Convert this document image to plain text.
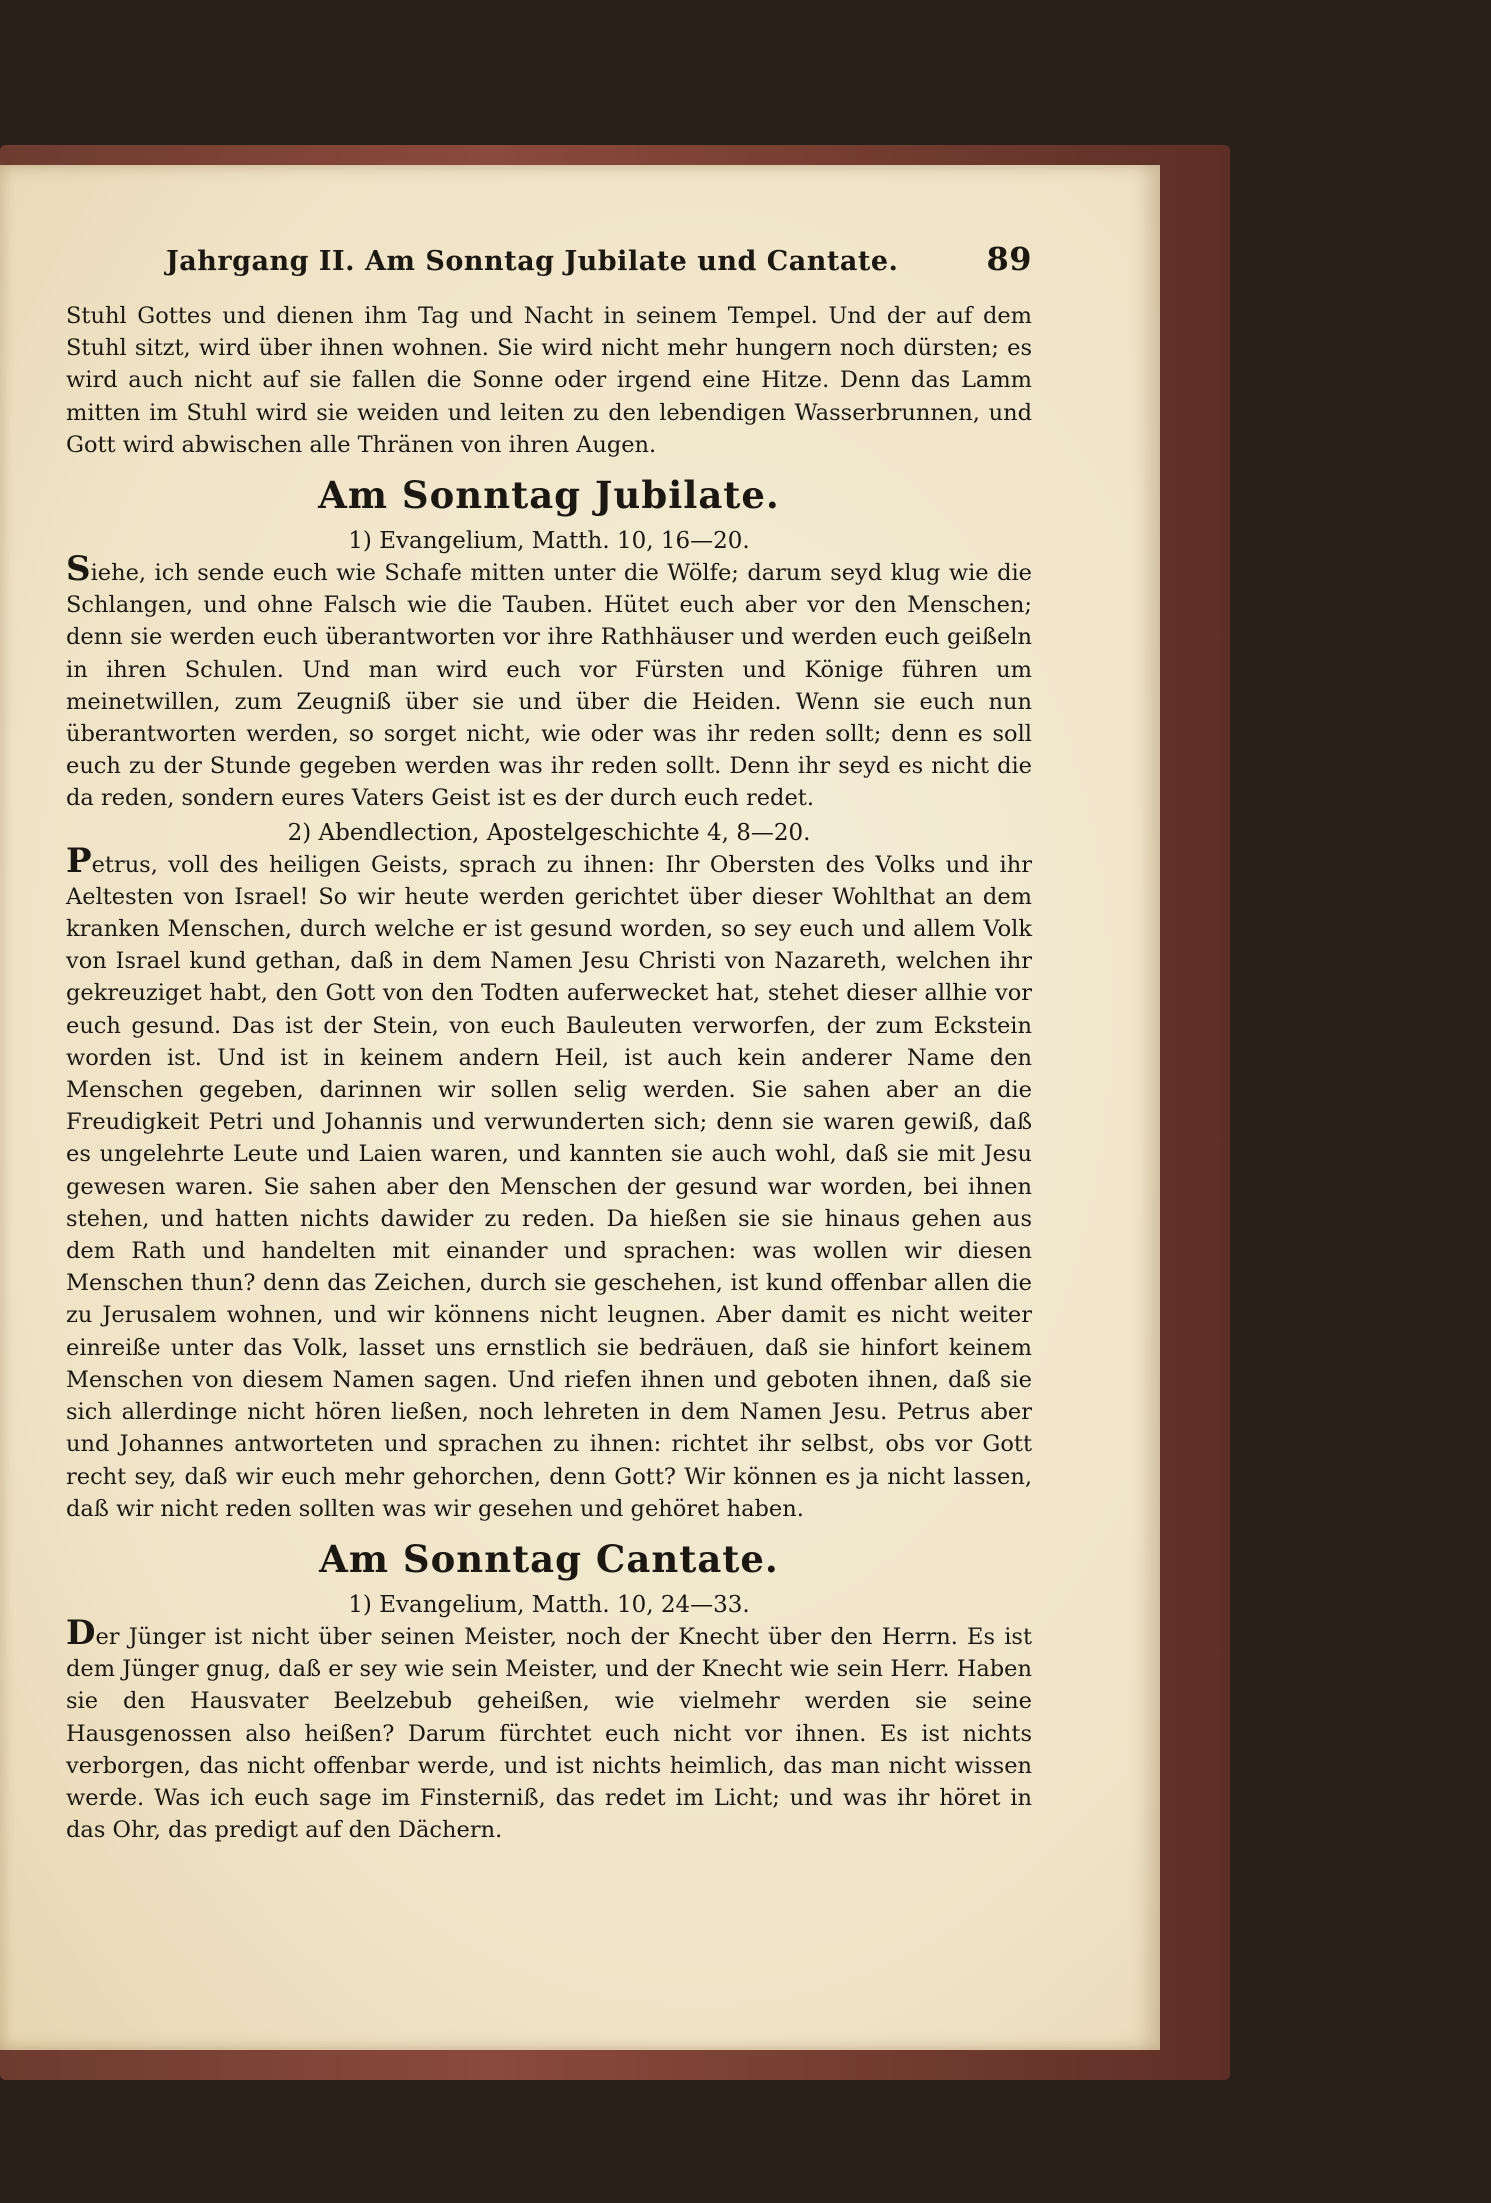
Jahrgang II. Am Sonntag Jubilate und Cantate.	89

Stuhl Gottes und dienen ihm Tag und Nacht in seinem Tempel. Und der auf dem Stuhl sitzt, wird über ihnen wohnen. Sie wird nicht mehr hungern noch dürsten; es wird auch nicht auf sie fallen die Sonne oder irgend eine Hitze. Denn das Lamm mitten im Stuhl wird sie weiden und leiten zu den lebendigen Wasserbrunnen, und Gott wird abwischen alle Thränen von ihren Augen.

Am Sonntag Jubilate.
1) Evangelium, Matth. 10, 16—20.

Siehe, ich sende euch wie Schafe mitten unter die Wölfe; darum seyd klug wie die Schlangen, und ohne Falsch wie die Tauben. Hütet euch aber vor den Menschen; denn sie werden euch überantworten vor ihre Rathhäuser und werden euch geißeln in ihren Schulen. Und man wird euch vor Fürsten und Könige führen um meinetwillen, zum Zeugniß über sie und über die Heiden. Wenn sie euch nun überantworten werden, so sorget nicht, wie oder was ihr reden sollt; denn es soll euch zu der Stunde gegeben werden was ihr reden sollt. Denn ihr seyd es nicht die da reden, sondern eures Vaters Geist ist es der durch euch redet.

2) Abendlection, Apostelgeschichte 4, 8—20.

Petrus, voll des heiligen Geists, sprach zu ihnen: Ihr Obersten des Volks und ihr Aeltesten von Israel! So wir heute werden gerichtet über dieser Wohlthat an dem kranken Menschen, durch welche er ist gesund worden, so sey euch und allem Volk von Israel kund gethan, daß in dem Namen Jesu Christi von Nazareth, welchen ihr gekreuziget habt, den Gott von den Todten auferwecket hat, stehet dieser allhie vor euch gesund. Das ist der Stein, von euch Bauleuten verworfen, der zum Eckstein worden ist. Und ist in keinem andern Heil, ist auch kein anderer Name den Menschen gegeben, darinnen wir sollen selig werden. Sie sahen aber an die Freudigkeit Petri und Johannis und verwunderten sich; denn sie waren gewiß, daß es ungelehrte Leute und Laien waren, und kannten sie auch wohl, daß sie mit Jesu gewesen waren. Sie sahen aber den Menschen der gesund war worden, bei ihnen stehen, und hatten nichts dawider zu reden. Da hießen sie sie hinaus gehen aus dem Rath und handelten mit einander und sprachen: was wollen wir diesen Menschen thun? denn das Zeichen, durch sie geschehen, ist kund offenbar allen die zu Jerusalem wohnen, und wir könnens nicht leugnen. Aber damit es nicht weiter einreiße unter das Volk, lasset uns ernstlich sie bedräuen, daß sie hinfort keinem Menschen von diesem Namen sagen. Und riefen ihnen und geboten ihnen, daß sie sich allerdinge nicht hören ließen, noch lehreten in dem Namen Jesu. Petrus aber und Johannes antworteten und sprachen zu ihnen: richtet ihr selbst, obs vor Gott recht sey, daß wir euch mehr gehorchen, denn Gott? Wir können es ja nicht lassen, daß wir nicht reden sollten was wir gesehen und gehöret haben.

Am Sonntag Cantate.
1) Evangelium, Matth. 10, 24—33.

Der Jünger ist nicht über seinen Meister, noch der Knecht über den Herrn. Es ist dem Jünger gnug, daß er sey wie sein Meister, und der Knecht wie sein Herr. Haben sie den Hausvater Beelzebub geheißen, wie vielmehr werden sie seine Hausgenossen also heißen? Darum fürchtet euch nicht vor ihnen. Es ist nichts verborgen, das nicht offenbar werde, und ist nichts heimlich, das man nicht wissen werde. Was ich euch sage im Finsterniß, das redet im Licht; und was ihr höret in das Ohr, das predigt auf den Dächern.
